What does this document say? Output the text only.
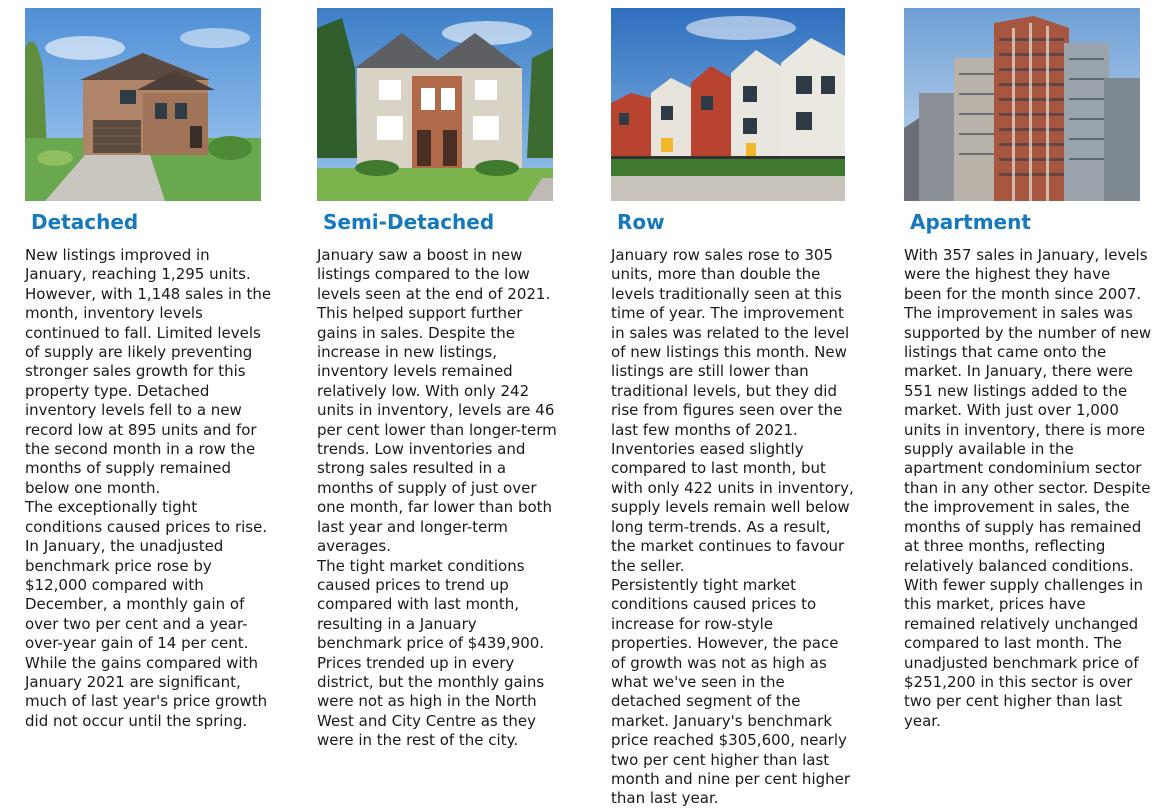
Detached

New listings improved in January, reaching 1,295 units. However, with 1,148 sales in the month, inventory levels continued to fall. Limited levels of supply are likely preventing stronger sales growth for this property type. Detached inventory levels fell to a new record low at 895 units and for the second month in a row the months of supply remained below one month.

The exceptionally tight conditions caused prices to rise. In January, the unadjusted benchmark price rose by $12,000 compared with December, a monthly gain of over two per cent and a year-over-year gain of 14 per cent. While the gains compared with January 2021 are significant, much of last year's price growth did not occur until the spring.

Semi-Detached

January saw a boost in new listings compared to the low levels seen at the end of 2021. This helped support further gains in sales. Despite the increase in new listings, inventory levels remained relatively low. With only 242 units in inventory, levels are 46 per cent lower than longer-term trends. Low inventories and strong sales resulted in a months of supply of just over one month, far lower than both last year and longer-term averages.

The tight market conditions caused prices to trend up compared with last month, resulting in a January benchmark price of $439,900. Prices trended up in every district, but the monthly gains were not as high in the North West and City Centre as they were in the rest of the city.

Row

January row sales rose to 305 units, more than double the levels traditionally seen at this time of year. The improvement in sales was related to the level of new listings this month. New listings are still lower than traditional levels, but they did rise from figures seen over the last few months of 2021. Inventories eased slightly compared to last month, but with only 422 units in inventory, supply levels remain well below long term-trends. As a result, the market continues to favour the seller.

Persistently tight market conditions caused prices to increase for row-style properties. However, the pace of growth was not as high as what we've seen in the detached segment of the market. January's benchmark price reached $305,600, nearly two per cent higher than last month and nine per cent higher than last year.

Apartment

With 357 sales in January, levels were the highest they have been for the month since 2007. The improvement in sales was supported by the number of new listings that came onto the market. In January, there were 551 new listings added to the market. With just over 1,000 units in inventory, there is more supply available in the apartment condominium sector than in any other sector. Despite the improvement in sales, the months of supply has remained at three months, reflecting relatively balanced conditions.

With fewer supply challenges in this market, prices have remained relatively unchanged compared to last month. The unadjusted benchmark price of $251,200 in this sector is over two per cent higher than last year.
